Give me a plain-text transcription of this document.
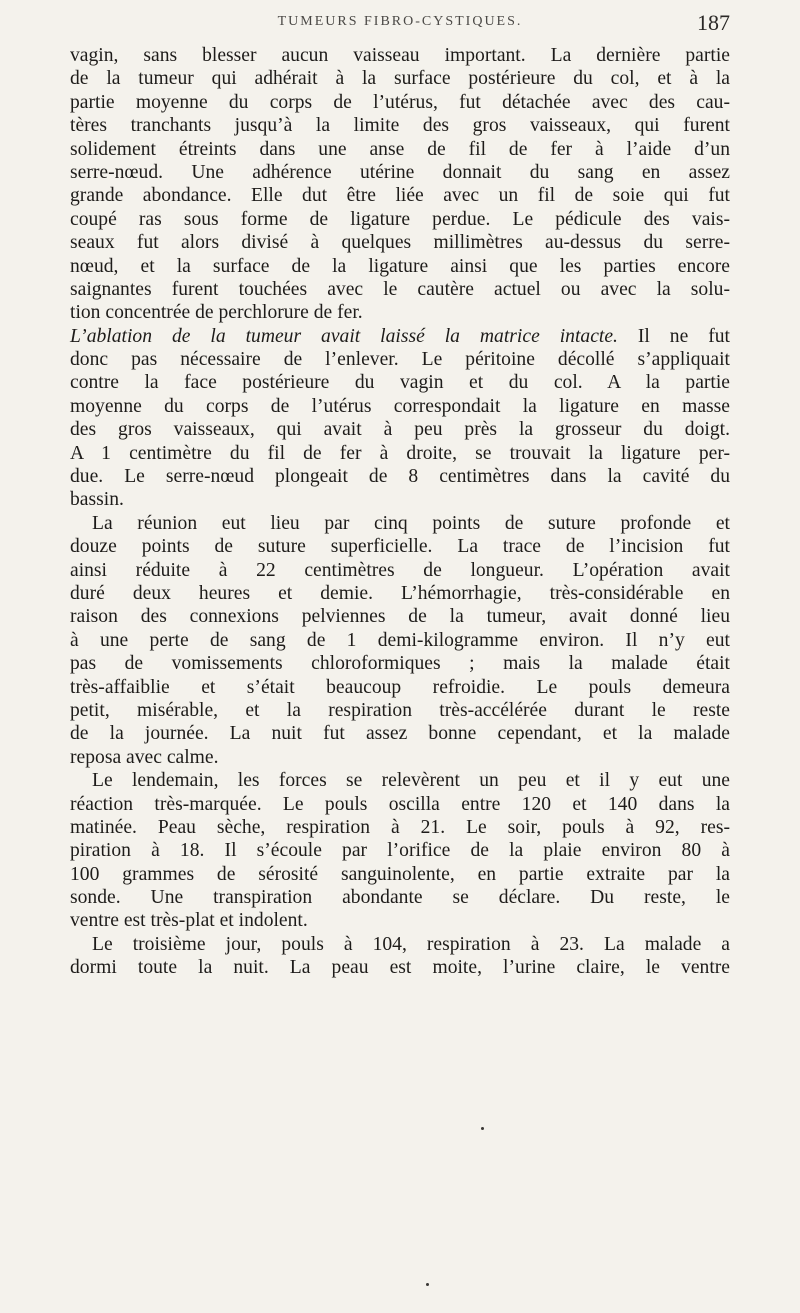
TUMEURS FIBRO-CYSTIQUES.	187
vagin, sans blesser aucun vaisseau important. La dernière partie
de la tumeur qui adhérait à la surface postérieure du col, et à la
partie moyenne du corps de l’utérus, fut détachée avec des cau-
tères tranchants jusqu’à la limite des gros vaisseaux, qui furent
solidement étreints dans une anse de fil de fer à l’aide d’un
serre-nœud. Une adhérence utérine donnait du sang en assez
grande abondance. Elle dut être liée avec un fil de soie qui fut
coupé ras sous forme de ligature perdue. Le pédicule des vais-
seaux fut alors divisé à quelques millimètres au-dessus du serre-
nœud, et la surface de la ligature ainsi que les parties encore
saignantes furent touchées avec le cautère actuel ou avec la solu-
tion concentrée de perchlorure de fer.
L’ablation de la tumeur avait laissé la matrice intacte. Il ne fut
donc pas nécessaire de l’enlever. Le péritoine décollé s’appliquait
contre la face postérieure du vagin et du col. A la partie
moyenne du corps de l’utérus correspondait la ligature en masse
des gros vaisseaux, qui avait à peu près la grosseur du doigt.
A 1 centimètre du fil de fer à droite, se trouvait la ligature per-
due. Le serre-nœud plongeait de 8 centimètres dans la cavité du
bassin.
La réunion eut lieu par cinq points de suture profonde et
douze points de suture superficielle. La trace de l’incision fut
ainsi réduite à 22 centimètres de longueur. L’opération avait
duré deux heures et demie. L’hémorrhagie, très-considérable en
raison des connexions pelviennes de la tumeur, avait donné lieu
à une perte de sang de 1 demi-kilogramme environ. Il n’y eut
pas de vomissements chloroformiques ; mais la malade était
très-affaiblie et s’était beaucoup refroidie. Le pouls demeura
petit, misérable, et la respiration très-accélérée durant le reste
de la journée. La nuit fut assez bonne cependant, et la malade
reposa avec calme.
Le lendemain, les forces se relevèrent un peu et il y eut une
réaction très-marquée. Le pouls oscilla entre 120 et 140 dans la
matinée. Peau sèche, respiration à 21. Le soir, pouls à 92, res-
piration à 18. Il s’écoule par l’orifice de la plaie environ 80 à
100 grammes de sérosité sanguinolente, en partie extraite par la
sonde. Une transpiration abondante se déclare. Du reste, le
ventre est très-plat et indolent.
Le troisième jour, pouls à 104, respiration à 23. La malade a
dormi toute la nuit. La peau est moite, l’urine claire, le ventre
